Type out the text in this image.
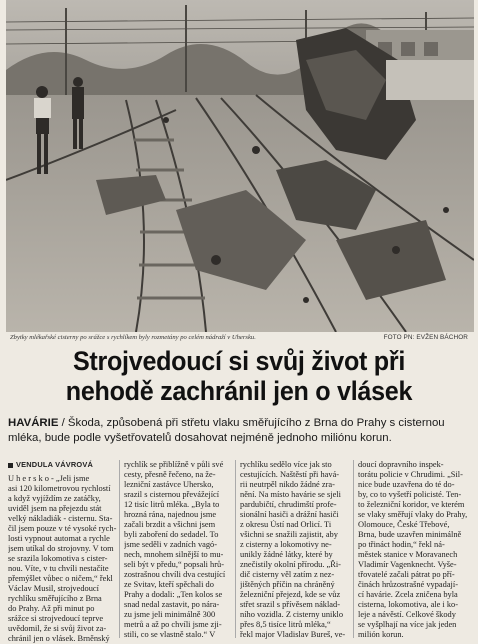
Zbytky mlékařské cisterny po srážce s rychlíkem byly rozmetány po celém nádraží v Uhersku.	FOTO PN: EVŽEN BÁCHOR
Strojvedoucí si svůj život při
nehodě zachránil jen o vlásek
HAVÁRIE / Škoda, způsobená při střetu vlaku směřujícího z Brna do Prahy s cisternou mléka, bude podle vyšetřovatelů dosahovat nejméně jednoho miliónu korun.
VENDULA VÁVROVÁ
U h e r s k o - „Jeli jsme
asi 120 kilometrovou rychlostí
a když vyjíždím ze zatáčky,
uviděl jsem na přejezdu stát
velký nákladiák - cisternu. Sta-
čil jsem pouze v té vysoké rych-
losti vypnout automat a rychle
jsem utíkal do strojovny. V tom
se srazila lokomotiva s cister-
nou. Víte, v tu chvíli nestačíte
přemýšlet vůbec o ničem,“ řekl
Václav Musil, strojvedoucí
rychlíku směřujícího z Brna
do Prahy. Až při minut po
srážce si strojvedoucí teprve
uvědomil, že si svůj život za-
chránil jen o vlásek. Brněnský
rychlík se přiblížně v půli své
cesty, přesně řečeno, na že-
lezniční zastávce Uhersko,
srazil s cisternou převážející
12 tisíc litrů mléka. „Byla to
hrozná rána, najednou jsme
začali brzdit a všichni jsem
byli zaboření do sedadel. To
jsme seděli v zadních vagó-
nech, mnohem silnější to mu-
seli být v předu,“ popsali hrů-
zostrašnou chvíli dva cestující
ze Svitav, kteří spěchali do
Prahy a dodali: „Ten kolos se
snad nedal zastavit, po nára-
zu jsme jeli minimálně 300
metrů a až po chvíli jsme zji-
stili, co se vlastně stalo.“ V
rychlíku sedělo více jak sto
cestujících. Naštěstí při havá-
rii neutrpěl nikdo žádné zra-
nění. Na místo havárie se sjeli
pardubičtí, chrudimští profe-
sionální hasiči a drážní hasiči
z okresu Ústí nad Orlicí. Ti
všichni se snažili zajistit, aby
z cisterny a lokomotivy ne-
unikly žádné látky, které by
znečistily okolní přírodu. „Ři-
dič cisterny věl zatím z nez-
jištěných příčin na chráněný
železniční přejezd, kde se vůz
střet srazil s přívěsem náklad-
ního vozidla. Z cisterny uniklo
přes 8,5 tisíce litrů mléka,“
řekl major Vladislav Bureš, ve-
doucí dopravního inspek-
torátu policie v Chrudimi. „Sil-
nice bude uzavřena do té do-
by, co to vyšetří policisté. Ten-
to železniční koridor, ve kterém
se vlaky směřují vlaky do Prahy,
Olomouce, České Třebové,
Brna, bude uzavřen minimálně
po třináct hodin,“ řekl ná-
městek stanice v Moravanech
Vladimír Vagenknecht. Vyše-
třovatelé začali pátrat po pří-
činách hrůzostrašné vypadají-
cí havárie. Zcela zničena byla
cisterna, lokomotiva, ale i ko-
leje a návěstí. Celkové škody
se vyšplhají na více jak jeden
milión korun.
